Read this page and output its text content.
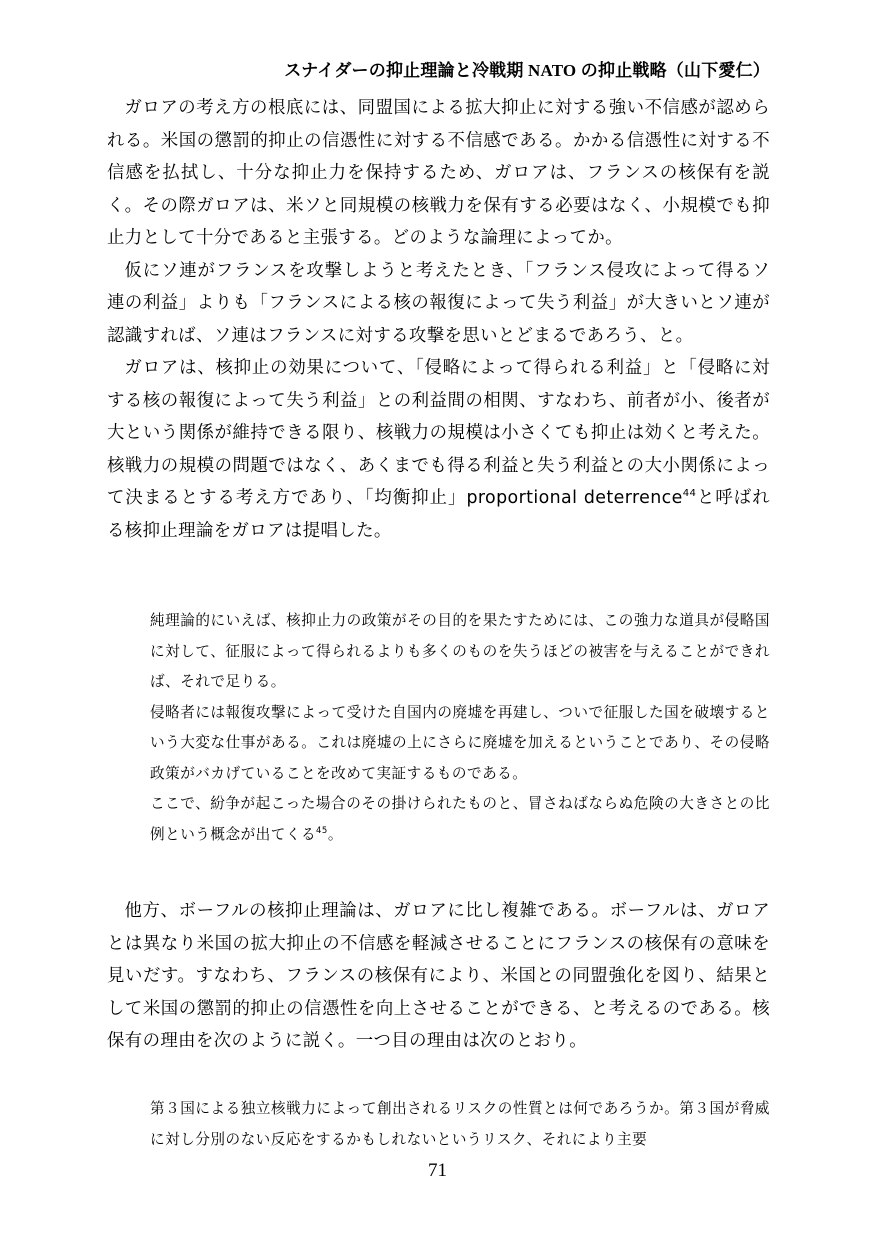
スナイダーの抑止理論と冷戦期 NATO の抑止戦略（山下愛仁）

ガロアの考え方の根底には、同盟国による拡大抑止に対する強い不信感が認められる。米国の懲罰的抑止の信憑性に対する不信感である。かかる信憑性に対する不信感を払拭し、十分な抑止力を保持するため、ガロアは、フランスの核保有を説く。その際ガロアは、米ソと同規模の核戦力を保有する必要はなく、小規模でも抑止力として十分であると主張する。どのような論理によってか。

仮にソ連がフランスを攻撃しようと考えたとき、「フランス侵攻によって得るソ連の利益」よりも「フランスによる核の報復によって失う利益」が大きいとソ連が認識すれば、ソ連はフランスに対する攻撃を思いとどまるであろう、と。

ガロアは、核抑止の効果について、「侵略によって得られる利益」と「侵略に対する核の報復によって失う利益」との利益間の相関、すなわち、前者が小、後者が大という関係が維持できる限り、核戦力の規模は小さくても抑止は効くと考えた。核戦力の規模の問題ではなく、あくまでも得る利益と失う利益との大小関係によって決まるとする考え方であり、「均衡抑止」proportional deterrence$^{44}$と呼ばれる核抑止理論をガロアは提唱した。

純理論的にいえば、核抑止力の政策がその目的を果たすためには、この強力な道具が侵略国に対して、征服によって得られるよりも多くのものを失うほどの被害を与えることができれば、それで足りる。

侵略者には報復攻撃によって受けた自国内の廃墟を再建し、ついで征服した国を破壊するという大変な仕事がある。これは廃墟の上にさらに廃墟を加えるということであり、その侵略政策がバカげていることを改めて実証するものである。

ここで、紛争が起こった場合のその掛けられたものと、冒さねばならぬ危険の大きさとの比例という概念が出てくる$^{45}$。

他方、ボーフルの核抑止理論は、ガロアに比し複雑である。ボーフルは、ガロアとは異なり米国の拡大抑止の不信感を軽減させることにフランスの核保有の意味を見いだす。すなわち、フランスの核保有により、米国との同盟強化を図り、結果として米国の懲罰的抑止の信憑性を向上させることができる、と考えるのである。核保有の理由を次のように説く。一つ目の理由は次のとおり。

第３国による独立核戦力によって創出されるリスクの性質とは何であろうか。第３国が脅威に対し分別のない反応をするかもしれないというリスク、それにより主要

71
